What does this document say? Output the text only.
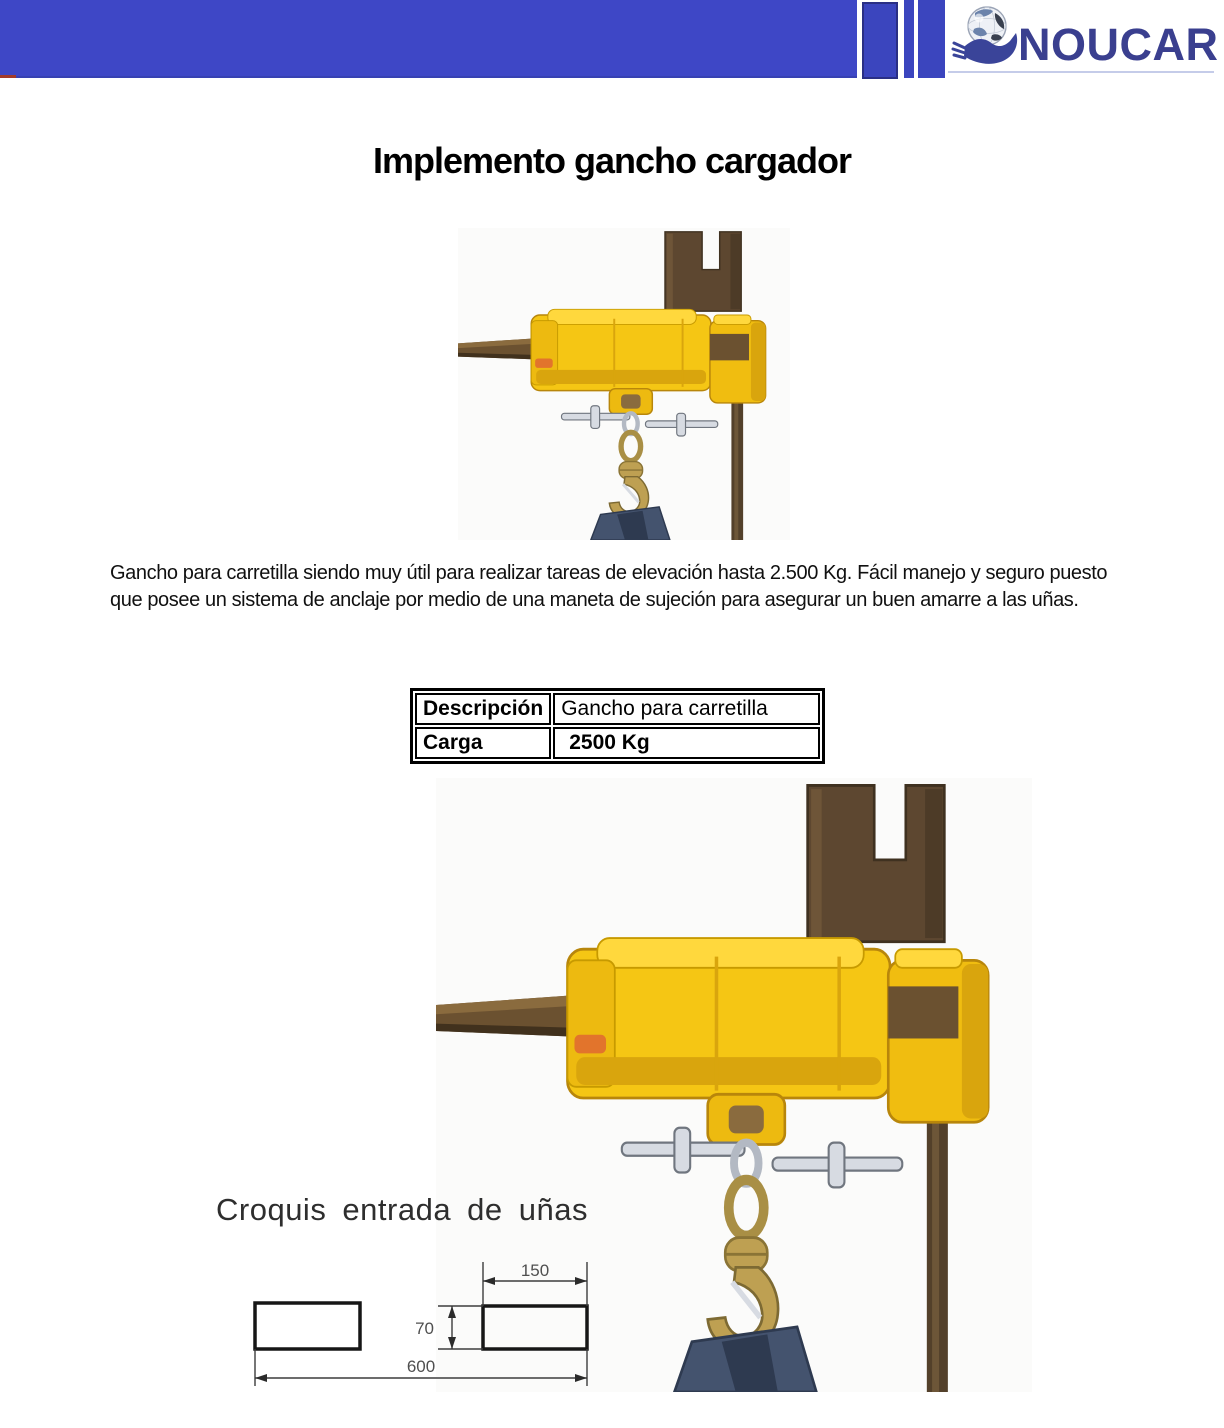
NOUCAR
Implemento gancho cargador

Gancho para carretilla siendo muy útil para realizar tareas de elevación hasta 2.500 Kg. Fácil manejo y seguro puesto que posee un sistema de anclaje por medio de una maneta de sujeción para asegurar un buen amarre a las uñas.

Descripción	Gancho para carretilla
Carga	2500 Kg
Croquis entrada de uñas
150
70
600
